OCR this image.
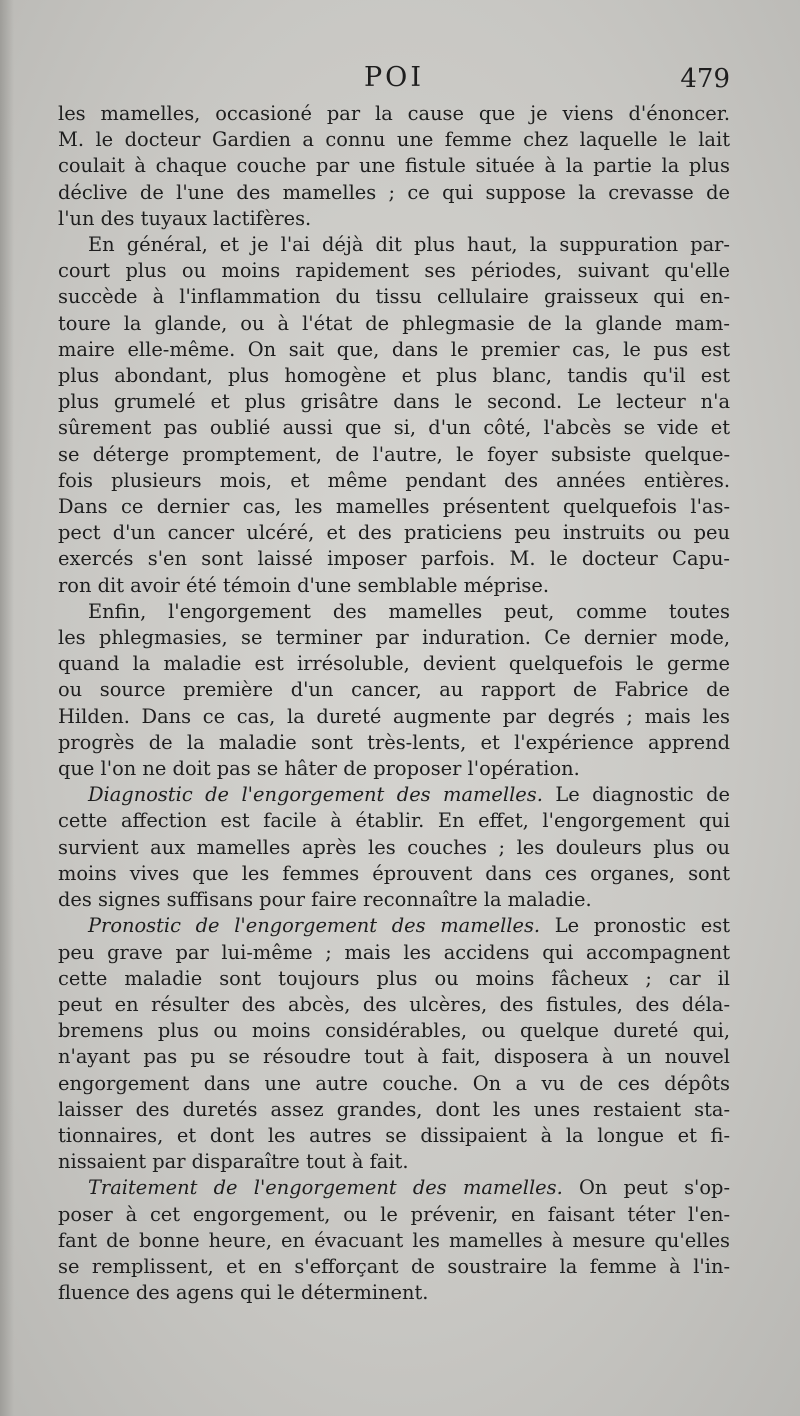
POI	479
les mamelles, occasioné par la cause que je viens d'énoncer.
M. le docteur Gardien a connu une femme chez laquelle le lait
coulait à chaque couche par une fistule située à la partie la plus
déclive de l'une des mamelles ; ce qui suppose la crevasse de
l'un des tuyaux lactifères.
En général, et je l'ai déjà dit plus haut, la suppuration par-
court plus ou moins rapidement ses périodes, suivant qu'elle
succède à l'inflammation du tissu cellulaire graisseux qui en-
toure la glande, ou à l'état de phlegmasie de la glande mam-
maire elle-même. On sait que, dans le premier cas, le pus est
plus abondant, plus homogène et plus blanc, tandis qu'il est
plus grumelé et plus grisâtre dans le second. Le lecteur n'a
sûrement pas oublié aussi que si, d'un côté, l'abcès se vide et
se déterge promptement, de l'autre, le foyer subsiste quelque-
fois plusieurs mois, et même pendant des années entières.
Dans ce dernier cas, les mamelles présentent quelquefois l'as-
pect d'un cancer ulcéré, et des praticiens peu instruits ou peu
exercés s'en sont laissé imposer parfois. M. le docteur Capu-
ron dit avoir été témoin d'une semblable méprise.
Enfin, l'engorgement des mamelles peut, comme toutes
les phlegmasies, se terminer par induration. Ce dernier mode,
quand la maladie est irrésoluble, devient quelquefois le germe
ou source première d'un cancer, au rapport de Fabrice de
Hilden. Dans ce cas, la dureté augmente par degrés ; mais les
progrès de la maladie sont très-lents, et l'expérience apprend
que l'on ne doit pas se hâter de proposer l'opération.
Diagnostic de l'engorgement des mamelles. Le diagnostic de
cette affection est facile à établir. En effet, l'engorgement qui
survient aux mamelles après les couches ; les douleurs plus ou
moins vives que les femmes éprouvent dans ces organes, sont
des signes suffisans pour faire reconnaître la maladie.
Pronostic de l'engorgement des mamelles. Le pronostic est
peu grave par lui-même ; mais les accidens qui accompagnent
cette maladie sont toujours plus ou moins fâcheux ; car il
peut en résulter des abcès, des ulcères, des fistules, des déla-
bremens plus ou moins considérables, ou quelque dureté qui,
n'ayant pas pu se résoudre tout à fait, disposera à un nouvel
engorgement dans une autre couche. On a vu de ces dépôts
laisser des duretés assez grandes, dont les unes restaient sta-
tionnaires, et dont les autres se dissipaient à la longue et fi-
nissaient par disparaître tout à fait.
Traitement de l'engorgement des mamelles. On peut s'op-
poser à cet engorgement, ou le prévenir, en faisant téter l'en-
fant de bonne heure, en évacuant les mamelles à mesure qu'elles
se remplissent, et en s'efforçant de soustraire la femme à l'in-
fluence des agens qui le déterminent.
